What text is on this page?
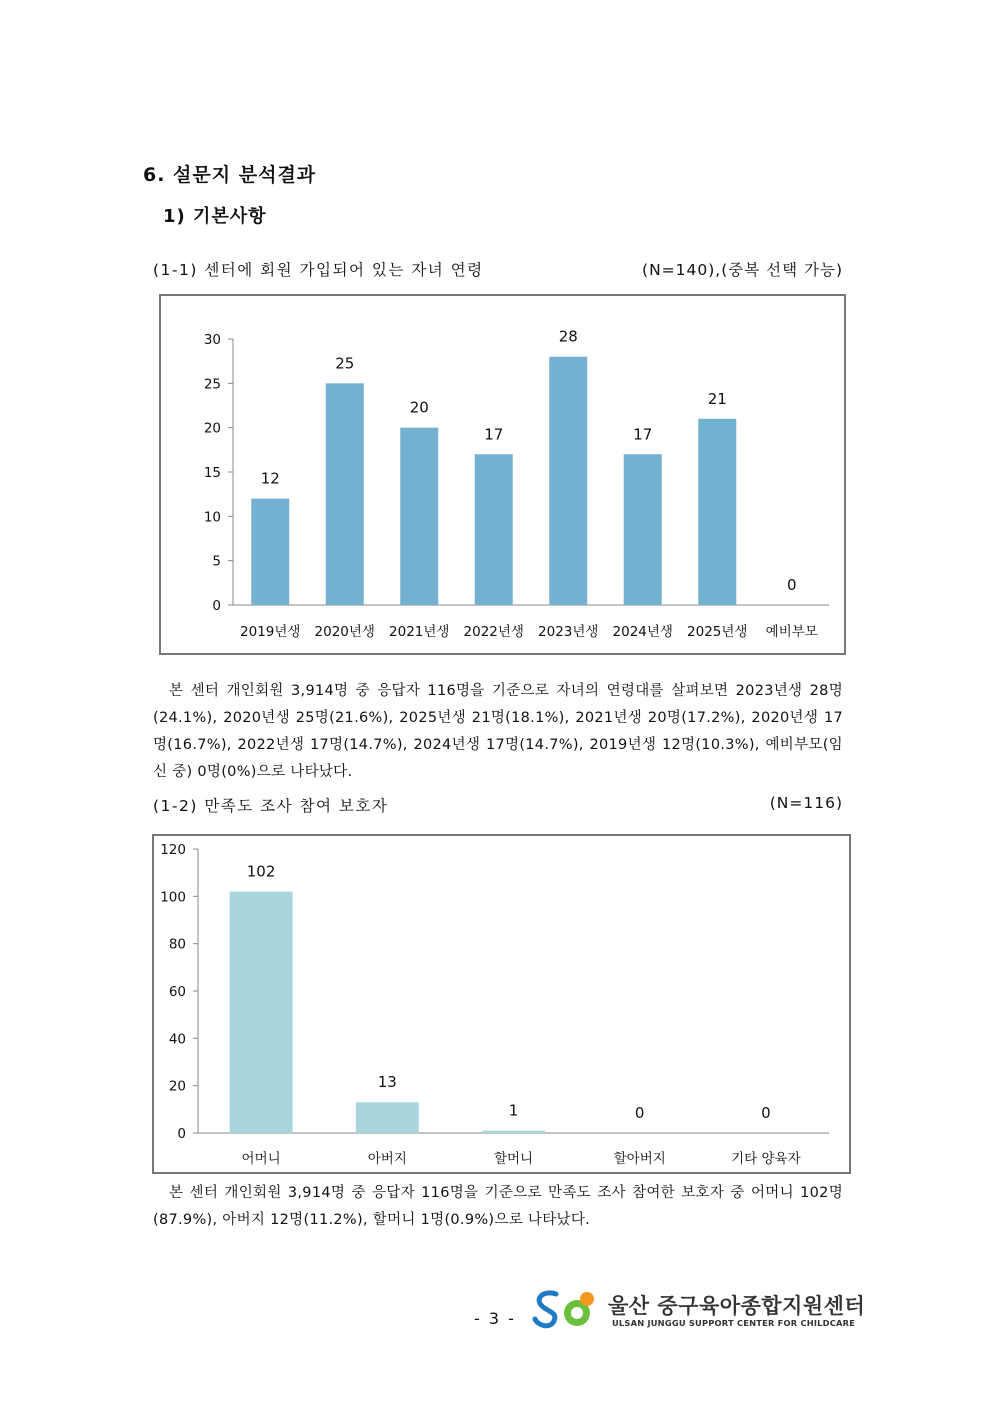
6. 설문지 분석결과
1) 기본사항
(1-1) 센터에 회원 가입되어 있는 자녀 연령	(N=140),(중복 선택 가능)
0
5
10
15
20
25
30
12
2019년생
25
2020년생
20
2021년생
17
2022년생
28
2023년생
17
2024년생
21
2025년생
0
예비부모
본 센터 개인회원 3,914명 중 응답자 116명을 기준으로 자녀의 연령대를 살펴보면 2023년생 28명(24.1%), 2020년생 25명(21.6%), 2025년생 21명(18.1%), 2021년생 20명(17.2%), 2020년생 17명(16.7%), 2022년생 17명(14.7%), 2024년생 17명(14.7%), 2019년생 12명(10.3%), 예비부모(임신 중) 0명(0%)으로 나타났다.
(1-2) 만족도 조사 참여 보호자	(N=116)
0
20
40
60
80
100
120
102
어머니
13
아버지
1
할머니
0
할아버지
0
기타 양육자
본 센터 개인회원 3,914명 중 응답자 116명을 기준으로 만족도 조사 참여한 보호자 중 어머니 102명(87.9%), 아버지 12명(11.2%), 할머니 1명(0.9%)으로 나타났다.
- 3 -
울산 중구육아종합지원센터
ULSAN JUNGGU SUPPORT CENTER FOR CHILDCARE
